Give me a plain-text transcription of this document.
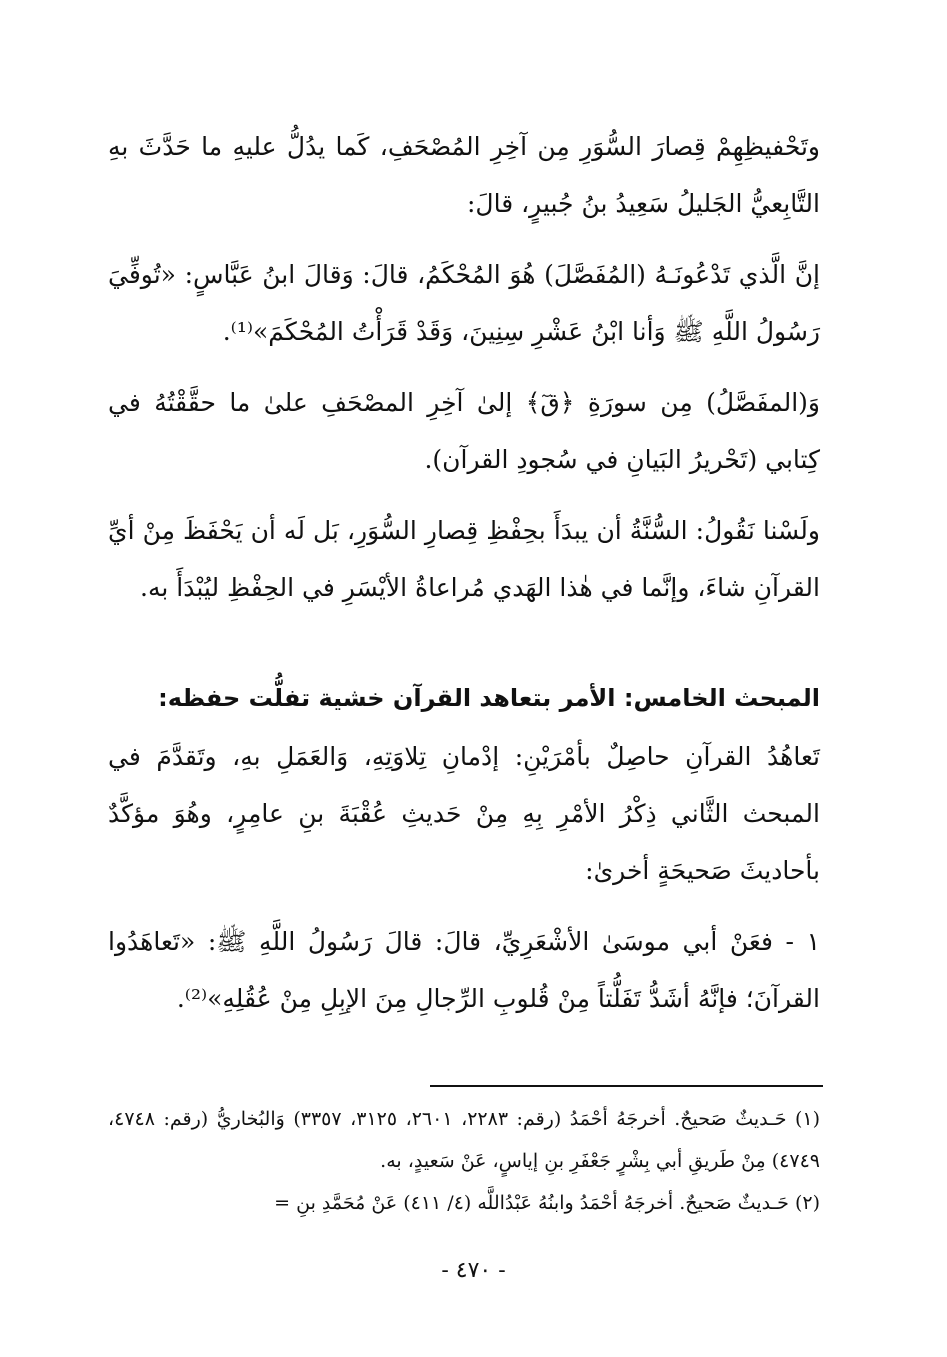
وتَحْفيظِهِمْ قِصارَ السُّوَرِ مِن آخِرِ المُصْحَفِ، كَما يدُلُّ عليهِ ما حَدَّثَ بهِ التَّابِعيُّ الجَليلُ سَعِيدُ بنُ جُبيرٍ، قالَ:

إنَّ الَّذي تَدْعُونَـهُ (المُفَصَّلَ) هُوَ المُحْكَمُ، قالَ: وَقالَ ابنُ عَبَّاسٍ: «تُوفِّيَ رَسُولُ اللَّهِ ﷺ وَأنا ابْنُ عَشْرِ سِنِينَ، وَقَدْ قَرَأْتُ المُحْكَمَ»⁽¹⁾.

وَ(المفَصَّلُ) مِن سورَةِ ﴿قٓ﴾ إلىٰ آخِرِ المصْحَفِ علىٰ ما حقَّقْتُهُ في كِتابي (تَحْريرُ البَيانِ في سُجودِ القرآن).

ولَسْنا نَقُولُ: السُّنَّةُ أن يبدَأَ بحِفْظِ قِصارِ السُّوَرِ، بَل لَه أن يَحْفَظَ مِنْ أيِّ القرآنِ شاءَ، وإنَّما في هٰذا الهَدي مُراعاةُ الأيْسَرِ في الحِفْظِ ليُبْدَأَ به.

المبحث الخامس: الأمر بتعاهد القرآن خشية تفلُّت حفظه:

تَعاهُدُ القرآنِ حاصِلٌ بأمْرَيْنِ: إدْمانِ تِلاوَتِهِ، وَالعَمَلِ بهِ، وتَقدَّمَ في المبحث الثَّاني ذِكْرُ الأمْرِ بِهِ مِنْ حَديثِ عُقْبَةَ بنِ عامِرٍ، وهُوَ مؤكَّدٌ بأحاديثَ صَحيحَةٍ أخرىٰ:

١ - فعَنْ أبي موسَىٰ الأشْعَرِيِّ، قالَ: قالَ رَسُولُ اللَّهِ ﷺ: «تَعاهَدُوا القرآنَ؛ فإنَّهُ أشَدُّ تَفَلُّتاً مِنْ قُلوبِ الرِّجالِ مِنَ الإبِلِ مِنْ عُقُلِهِ»⁽²⁾.

(١) حَـديثٌ صَحيحٌ. أخرجَهُ أحْمَدُ (رقم: ٢٢٨٣، ٢٦٠١، ٣١٢٥، ٣٣٥٧) وَالبُخاريُّ (رقم: ٤٧٤٨، ٤٧٤٩) مِنْ طَريقِ أبي بِشْرٍ جَعْفَرِ بنِ إياسٍ، عَنْ سَعيدٍ، به.

(٢) حَـديثٌ صَحيحٌ. أخرجَهُ أحْمَدُ وابنُهُ عَبْدُاللَّه (٤/ ٤١١) عَنْ مُحَمَّدِ بنِ =

- ٤٧٠ -
